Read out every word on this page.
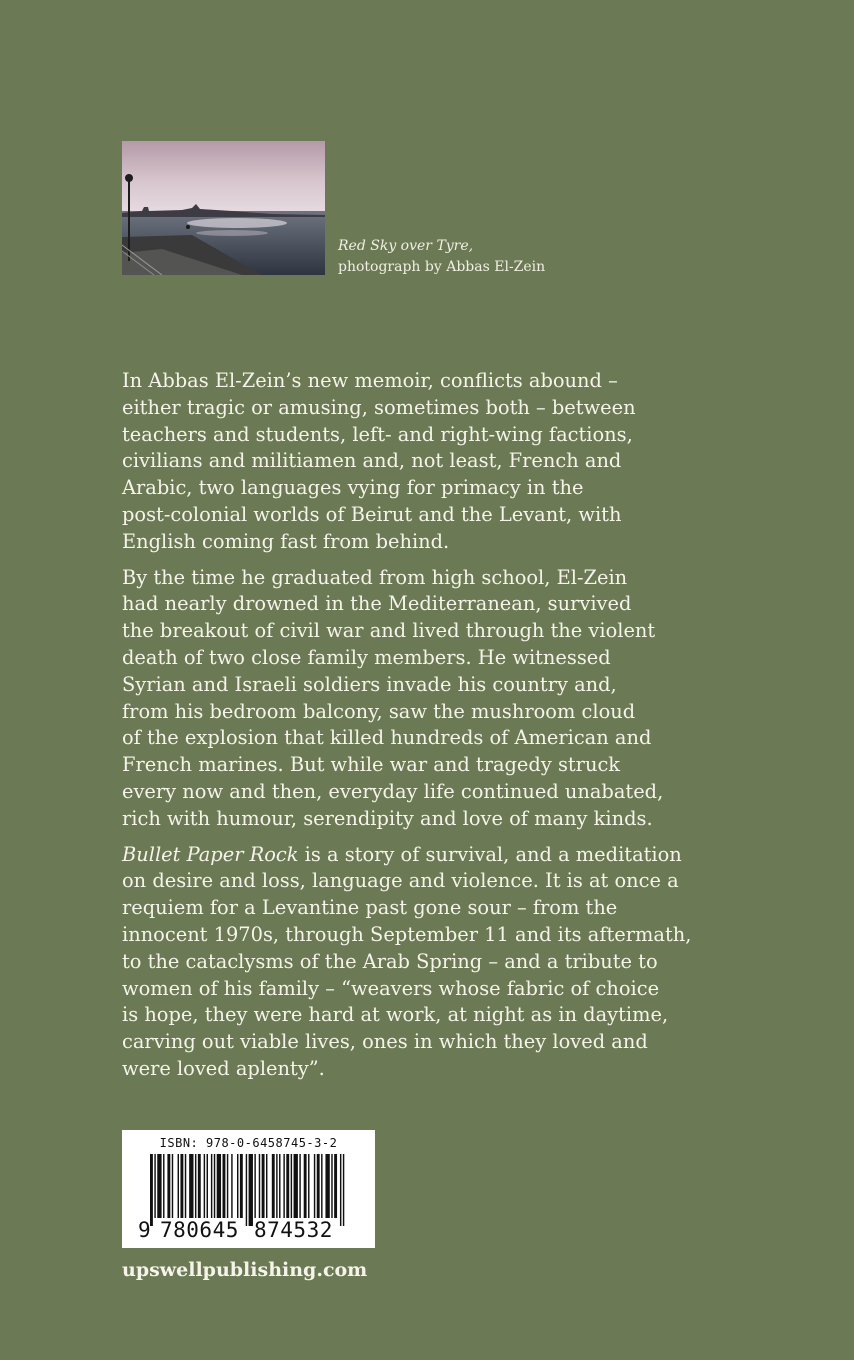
Red Sky over Tyre,
photograph by Abbas El-Zein

In Abbas El-Zein’s new memoir, conflicts abound –
either tragic or amusing, sometimes both – between
teachers and students, left- and right-wing factions,
civilians and militiamen and, not least, French and
Arabic, two languages vying for primacy in the
post-colonial worlds of Beirut and the Levant, with
English coming fast from behind.

By the time he graduated from high school, El-Zein
had nearly drowned in the Mediterranean, survived
the breakout of civil war and lived through the violent
death of two close family members. He witnessed
Syrian and Israeli soldiers invade his country and,
from his bedroom balcony, saw the mushroom cloud
of the explosion that killed hundreds of American and
French marines. But while war and tragedy struck
every now and then, everyday life continued unabated,
rich with humour, serendipity and love of many kinds.

Bullet Paper Rock is a story of survival, and a meditation
on desire and loss, language and violence. It is at once a
requiem for a Levantine past gone sour – from the
innocent 1970s, through September 11 and its aftermath,
to the cataclysms of the Arab Spring – and a tribute to
women of his family – “weavers whose fabric of choice
is hope, they were hard at work, at night as in daytime,
carving out viable lives, ones in which they loved and
were loved aplenty”.

ISBN: 978-0-6458745-3-2
9 780645 874532
upswellpublishing.com
